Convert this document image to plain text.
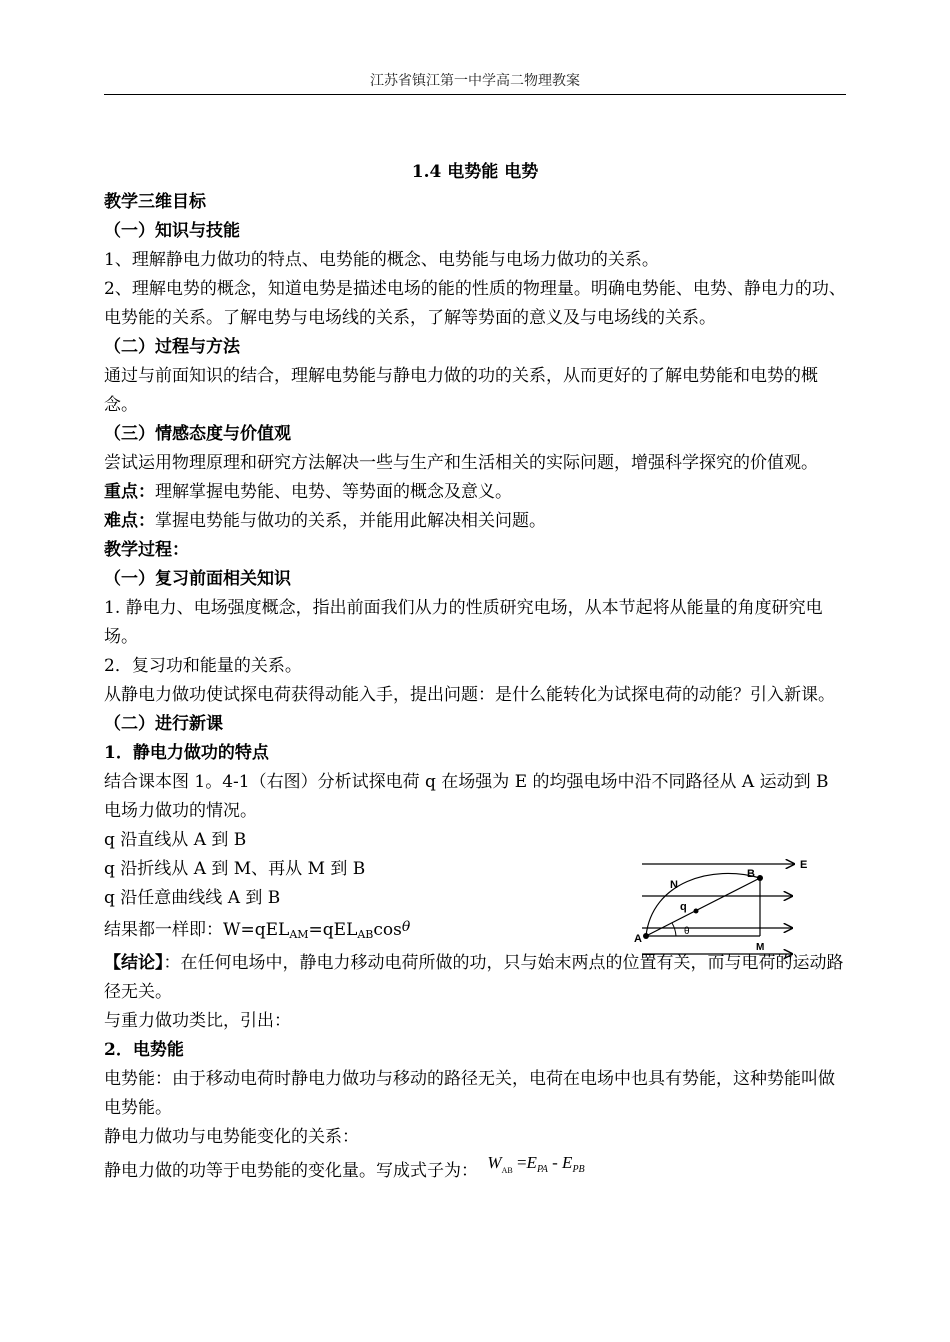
江苏省镇江第一中学高二物理教案

1.4 电势能 电势

教学三维目标

（一）知识与技能

1、理解静电力做功的特点、电势能的概念、电势能与电场力做功的关系。

2、理解电势的概念，知道电势是描述电场的能的性质的物理量。明确电势能、电势、静电力的功、电势能的关系。了解电势与电场线的关系，了解等势面的意义及与电场线的关系。

（二）过程与方法

通过与前面知识的结合，理解电势能与静电力做的功的关系，从而更好的了解电势能和电势的概念。

（三）情感态度与价值观

尝试运用物理原理和研究方法解决一些与生产和生活相关的实际问题，增强科学探究的价值观。

重点：理解掌握电势能、电势、等势面的概念及意义。

难点：掌握电势能与做功的关系，并能用此解决相关问题。

教学过程：

（一）复习前面相关知识

1. 静电力、电场强度概念，指出前面我们从力的性质研究电场，从本节起将从能量的角度研究电场。

2．复习功和能量的关系。

从静电力做功使试探电荷获得动能入手，提出问题：是什么能转化为试探电荷的动能？引入新课。

（二）进行新课

1．静电力做功的特点

结合课本图 1。4-1（右图）分析试探电荷 q 在场强为 E 的均强电场中沿不同路径从 A 运动到 B 电场力做功的情况。

q 沿直线从 A 到 B

q 沿折线从 A 到 M、再从 M 到 B

q 沿任意曲线线 A 到 B

结果都一样即：$W=qEL_{AM}=qEL_{AB}\cos^\theta$

【结论】：在任何电场中，静电力移动电荷所做的功，只与始末两点的位置有关，而与电荷的运动路径无关。

与重力做功类比，引出：

2．电势能

电势能：由于移动电荷时静电力做功与移动的路径无关，电荷在电场中也具有势能，这种势能叫做电势能。

静电力做功与电势能变化的关系：

静电力做的功等于电势能的变化量。写成式子为： $W_{AB} =E_{PA} - E_{PB}$

E
N
B
q
θ
A
M
